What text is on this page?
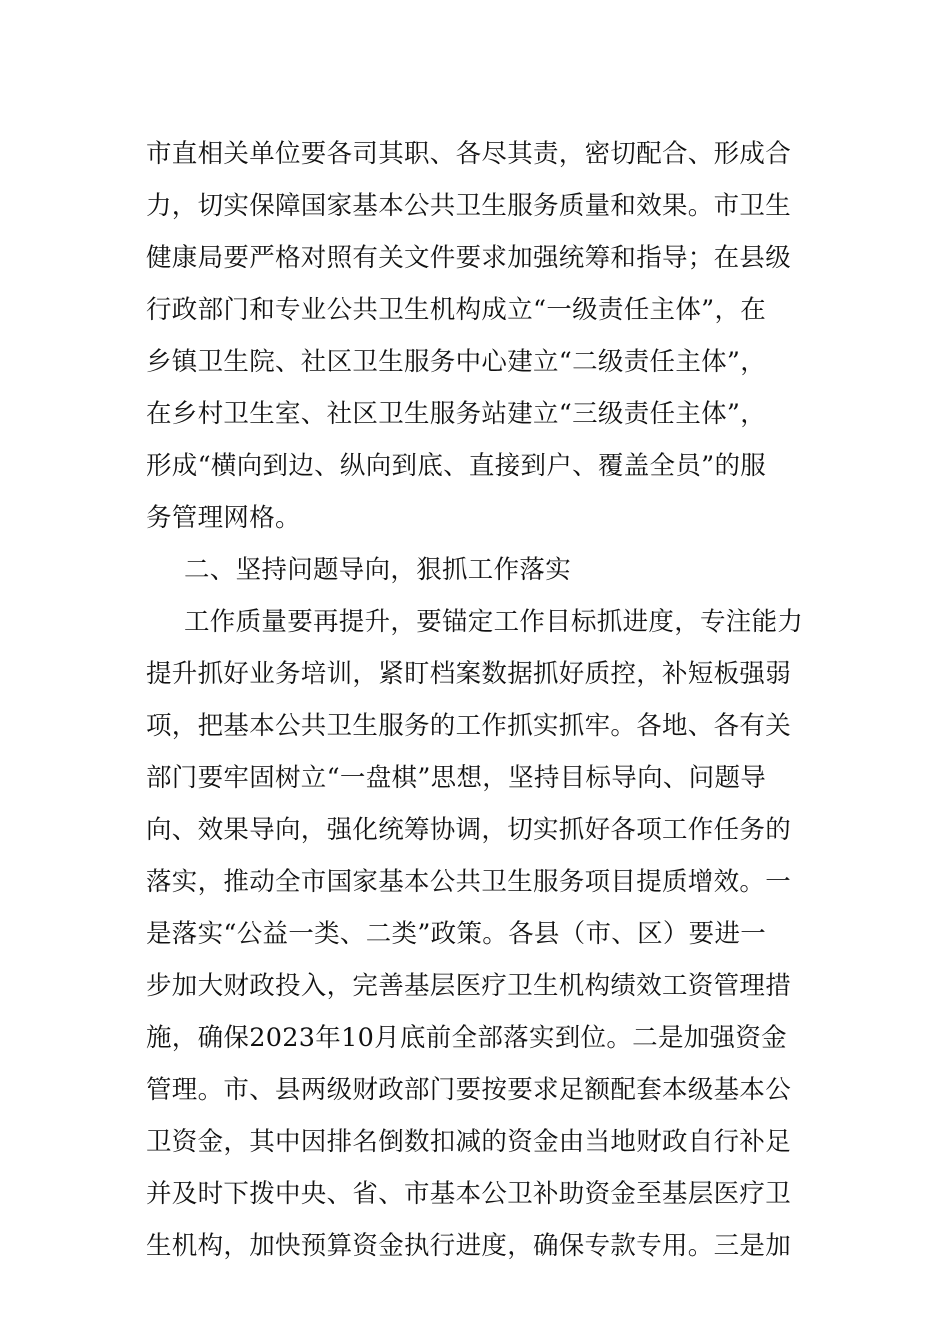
市直相关单位要各司其职、各尽其责，密切配合、形成合
力，切实保障国家基本公共卫生服务质量和效果。市卫生
健康局要严格对照有关文件要求加强统筹和指导；在县级
行政部门和专业公共卫生机构成立“一级责任主体”，在
乡镇卫生院、社区卫生服务中心建立“二级责任主体”，
在乡村卫生室、社区卫生服务站建立“三级责任主体”，
形成“横向到边、纵向到底、直接到户、覆盖全员”的服
务管理网格。
二、坚持问题导向，狠抓工作落实
工作质量要再提升，要锚定工作目标抓进度，专注能力
提升抓好业务培训，紧盯档案数据抓好质控，补短板强弱
项，把基本公共卫生服务的工作抓实抓牢。各地、各有关
部门要牢固树立“一盘棋”思想，坚持目标导向、问题导
向、效果导向，强化统筹协调，切实抓好各项工作任务的
落实，推动全市国家基本公共卫生服务项目提质增效。一
是落实“公益一类、二类”政策。各县（市、区）要进一
步加大财政投入，完善基层医疗卫生机构绩效工资管理措
施，确保2023年10月底前全部落实到位。二是加强资金
管理。市、县两级财政部门要按要求足额配套本级基本公
卫资金，其中因排名倒数扣减的资金由当地财政自行补足
并及时下拨中央、省、市基本公卫补助资金至基层医疗卫
生机构，加快预算资金执行进度，确保专款专用。三是加
